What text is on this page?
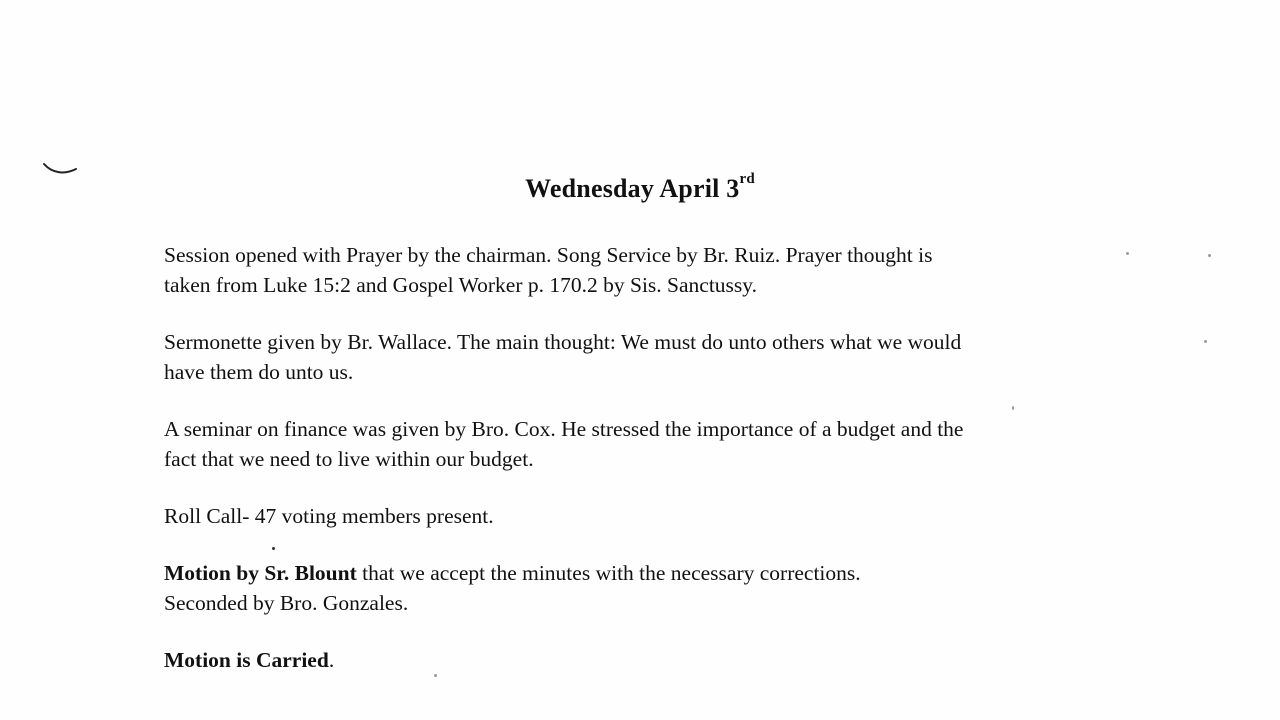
Wednesday April 3rd

Session opened with Prayer by the chairman. Song Service by Br. Ruiz. Prayer thought is
taken from Luke 15:2 and Gospel Worker p. 170.2 by Sis. Sanctussy.

Sermonette given by Br. Wallace. The main thought: We must do unto others what we would
have them do unto us.

A seminar on finance was given by Bro. Cox. He stressed the importance of a budget and the
fact that we need to live within our budget.

Roll Call- 47 voting members present.

Motion by Sr. Blount that we accept the minutes with the necessary corrections.
Seconded by Bro. Gonzales.

Motion is Carried.
